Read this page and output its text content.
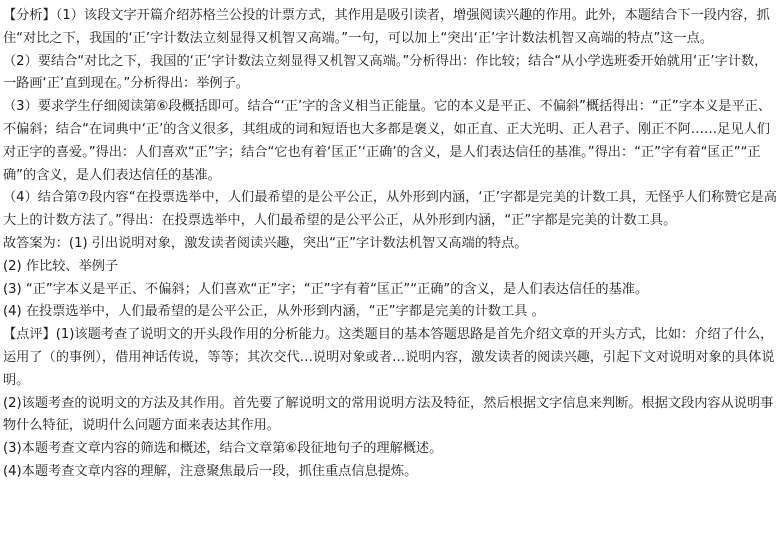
【分析】（1）该段文字开篇介绍苏格兰公投的计票方式，其作用是吸引读者，增强阅读兴趣的作用。此外，本题结合下一段内容，抓住“对比之下，我国的‘正’字计数法立刻显得又机智又高端。”一句，可以加上“突出‘正’字计数法机智又高端的特点”这一点。

（2）要结合“对比之下，我国的‘正’字计数法立刻显得又机智又高端。”分析得出：作比较；结合“从小学选班委开始就用‘正’字计数，一路画‘正’直到现在。”分析得出：举例子。

（3）要求学生仔细阅读第⑥段概括即可。结合“‘正’字的含义相当正能量。它的本义是平正、不偏斜”概括得出：“正”字本义是平正、不偏斜；结合“在词典中‘正’的含义很多，其组成的词和短语也大多都是褒义，如正直、正大光明、正人君子、刚正不阿……足见人们对正字的喜爱。”得出：人们喜欢“正”字；结合“它也有着‘匡正’‘正确’的含义，是人们表达信任的基准。”得出：“正”字有着“匡正”“正确”的含义，是人们表达信任的基准。

（4）结合第⑦段内容“在投票选举中，人们最希望的是公平公正，从外形到内涵，‘正’字都是完美的计数工具，无怪乎人们称赞它是高大上的计数方法了。”得出：在投票选举中，人们最希望的是公平公正，从外形到内涵，“正”字都是完美的计数工具。

故答案为：(1) 引出说明对象，激发读者阅读兴趣，突出“正”字计数法机智又高端的特点。

(2) 作比较、举例子

(3) “正”字本义是平正、不偏斜；人们喜欢“正”字；“正”字有着“匡正”“正确”的含义，是人们表达信任的基准。

(4) 在投票选举中，人们最希望的是公平公正，从外形到内涵，“正”字都是完美的计数工具 。

【点评】(1)该题考查了说明文的开头段作用的分析能力。这类题目的基本答题思路是首先介绍文章的开头方式，比如：介绍了什么，运用了（的事例），借用神话传说，等等；其次交代…说明对象或者…说明内容，激发读者的阅读兴趣，引起下文对说明对象的具体说明。

(2)该题考查的说明文的方法及其作用。首先要了解说明文的常用说明方法及特征，然后根据文字信息来判断。根据文段内容从说明事物什么特征，说明什么问题方面来表达其作用。

(3)本题考查文章内容的筛选和概述，结合文章第⑥段征地句子的理解概述。

(4)本题考查文章内容的理解，注意聚焦最后一段，抓住重点信息提炼。
